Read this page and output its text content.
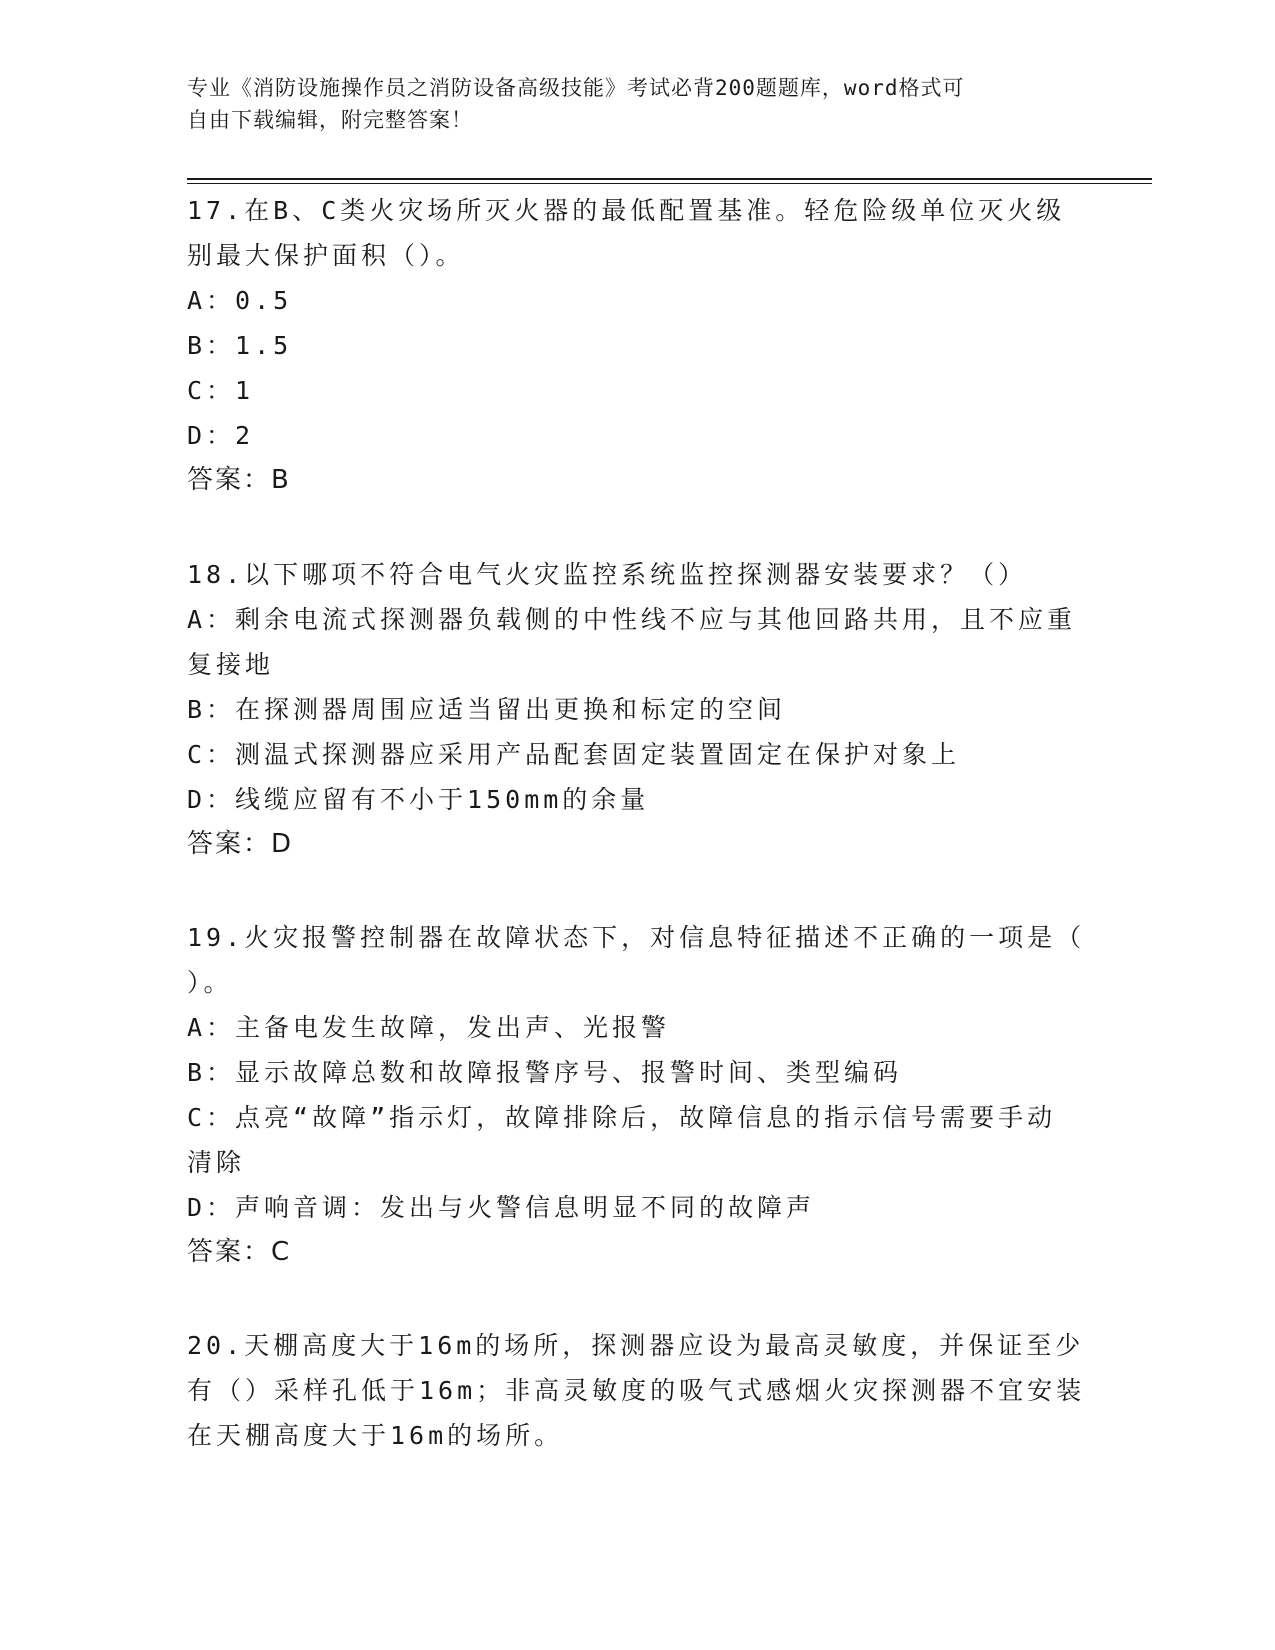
专业《消防设施操作员之消防设备高级技能》考试必背200题题库，word格式可
自由下载编辑，附完整答案！
17.在B、C类火灾场所灭火器的最低配置基准。轻危险级单位灭火级
别最大保护面积（）。
A：0.5
B：1.5
C：1
D：2
答案：B
18.以下哪项不符合电气火灾监控系统监控探测器安装要求？（）
A：剩余电流式探测器负载侧的中性线不应与其他回路共用，且不应重
复接地
B：在探测器周围应适当留出更换和标定的空间
C：测温式探测器应采用产品配套固定装置固定在保护对象上
D：线缆应留有不小于150mm的余量
答案：D
19.火灾报警控制器在故障状态下，对信息特征描述不正确的一项是（
）。
A：主备电发生故障，发出声、光报警
B：显示故障总数和故障报警序号、报警时间、类型编码
C：点亮“故障”指示灯，故障排除后，故障信息的指示信号需要手动
清除
D：声响音调：发出与火警信息明显不同的故障声
答案：C
20.天棚高度大于16m的场所，探测器应设为最高灵敏度，并保证至少
有（）采样孔低于16m；非高灵敏度的吸气式感烟火灾探测器不宜安装
在天棚高度大于16m的场所。
